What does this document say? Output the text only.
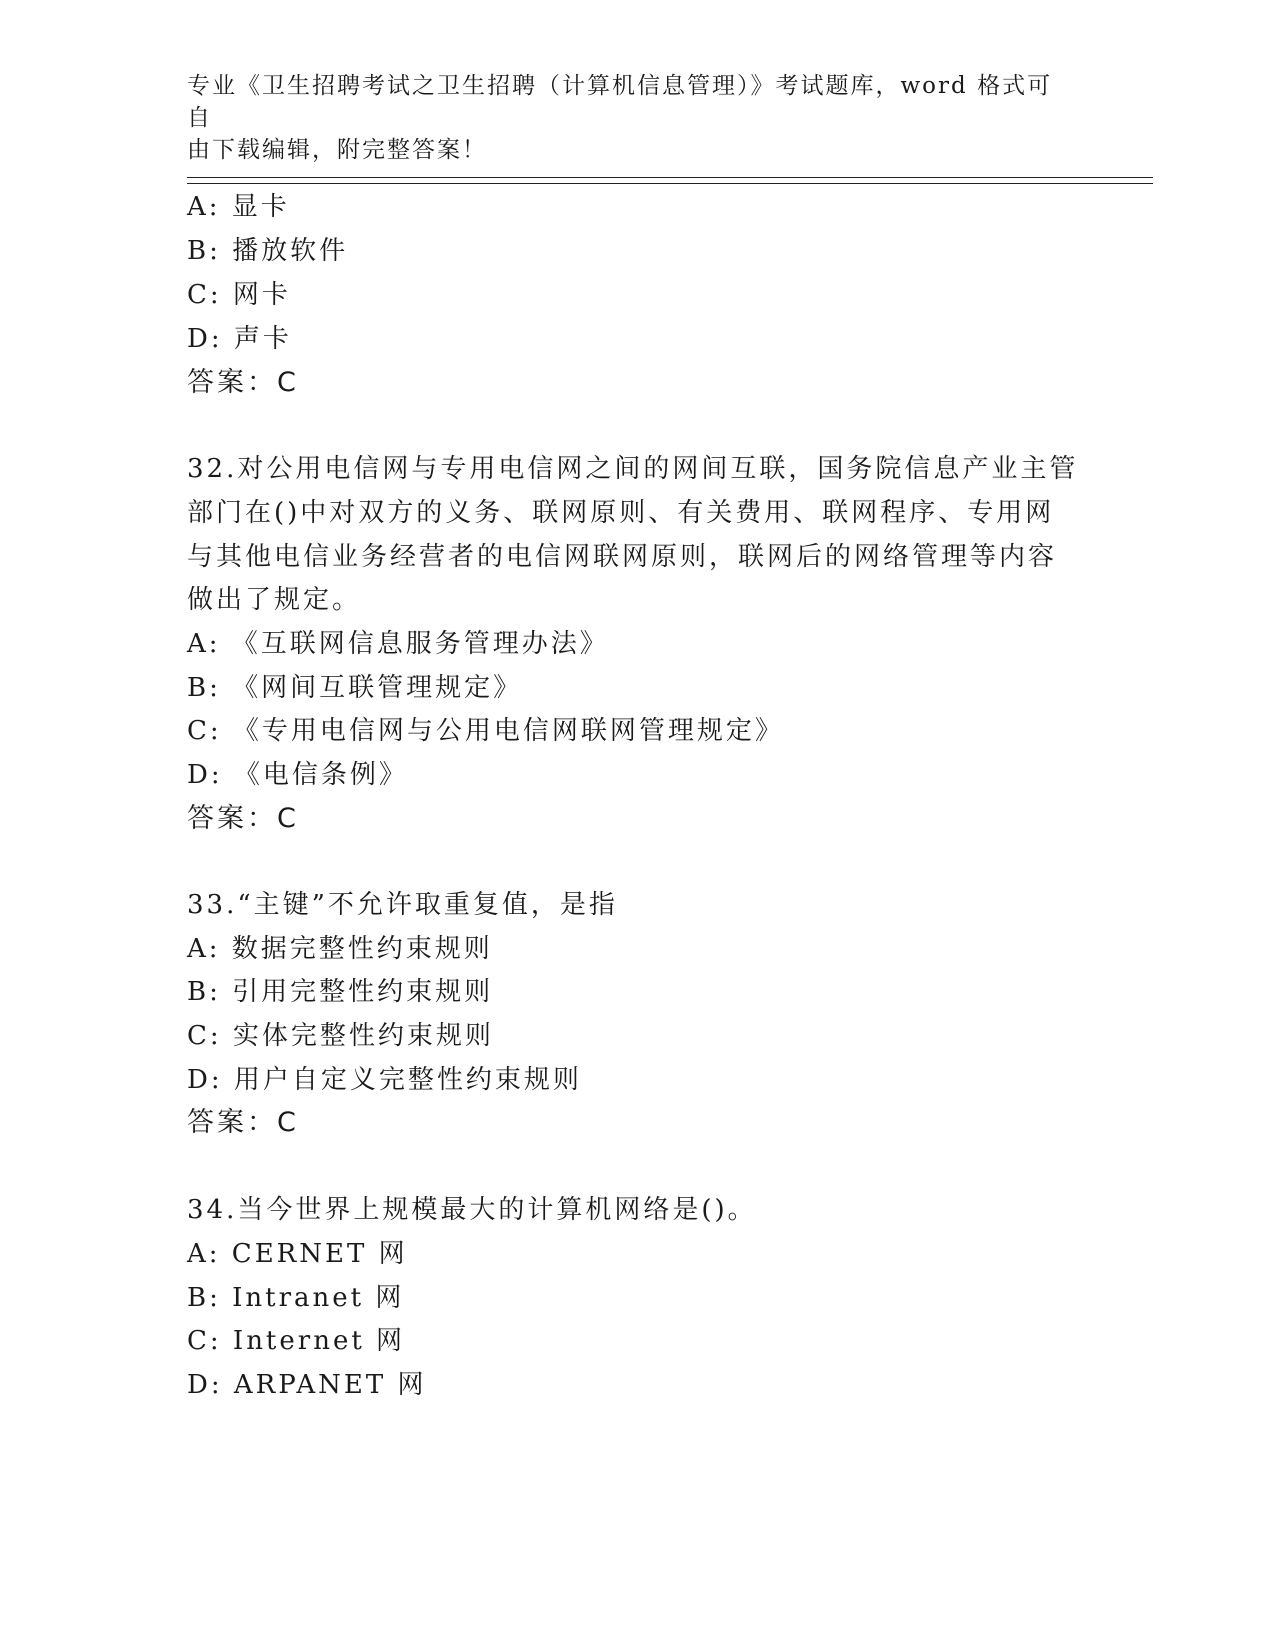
专业《卫生招聘考试之卫生招聘（计算机信息管理）》考试题库，word 格式可自
由下载编辑，附完整答案！
A: 显卡
B: 播放软件
C: 网卡
D: 声卡
答案：C
32.对公用电信网与专用电信网之间的网间互联，国务院信息产业主管
部门在()中对双方的义务、联网原则、有关费用、联网程序、专用网
与其他电信业务经营者的电信网联网原则，联网后的网络管理等内容
做出了规定。
A: 《互联网信息服务管理办法》
B: 《网间互联管理规定》
C: 《专用电信网与公用电信网联网管理规定》
D: 《电信条例》
答案：C
33.“主键”不允许取重复值，是指
A: 数据完整性约束规则
B: 引用完整性约束规则
C: 实体完整性约束规则
D: 用户自定义完整性约束规则
答案：C
34.当今世界上规模最大的计算机网络是()。
A: CERNET 网
B: Intranet 网
C: Internet 网
D: ARPANET 网
